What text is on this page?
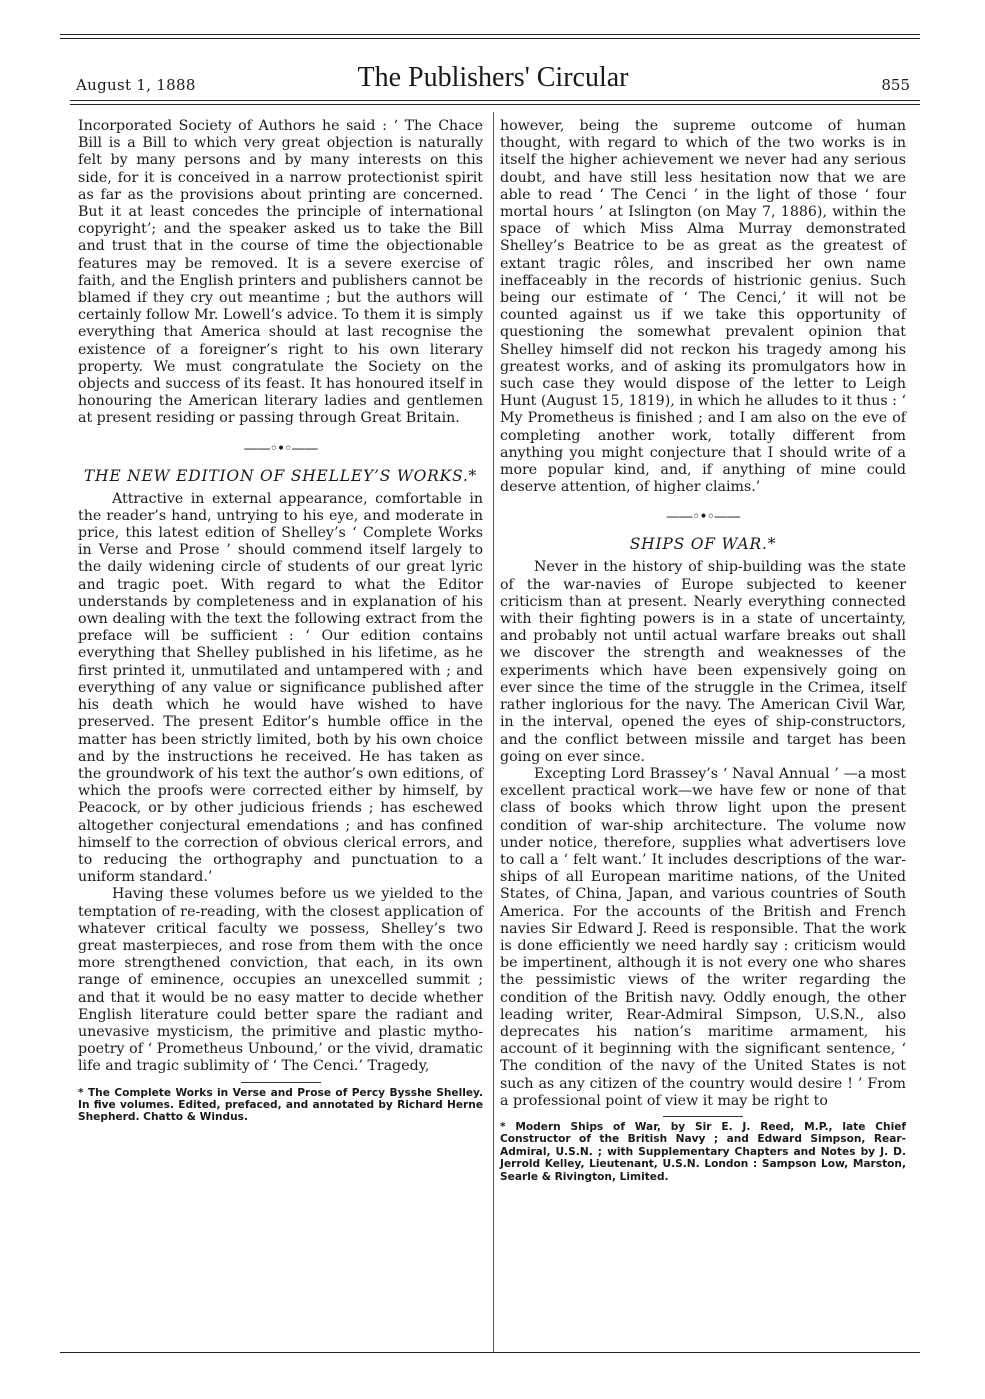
August 1, 1888	The Publishers' Circular	855

Incorporated Society of Authors he said : ‘ The Chace Bill is a Bill to which very great objection is naturally felt by many persons and by many interests on this side, for it is conceived in a narrow protectionist spirit as far as the provisions about printing are concerned. But it at least concedes the principle of international copyright’; and the speaker asked us to take the Bill and trust that in the course of time the objectionable features may be removed. It is a severe exercise of faith, and the English printers and publishers cannot be blamed if they cry out meantime ; but the authors will certainly follow Mr. Lowell’s advice. To them it is simply everything that America should at last recognise the existence of a foreigner’s right to his own literary property. We must congratulate the Society on the objects and success of its feast. It has honoured itself in honouring the American literary ladies and gentlemen at present residing or passing through Great Britain.

——◦•◦——
THE NEW EDITION OF SHELLEY’S WORKS.*

Attractive in external appearance, comfortable in the reader’s hand, untrying to his eye, and moderate in price, this latest edition of Shelley’s ‘ Complete Works in Verse and Prose ’ should commend itself largely to the daily widening circle of students of our great lyric and tragic poet. With regard to what the Editor understands by completeness and in explanation of his own dealing with the text the following extract from the preface will be sufficient : ‘ Our edition contains everything that Shelley published in his lifetime, as he first printed it, unmutilated and untampered with ; and everything of any value or significance published after his death which he would have wished to have preserved. The present Editor’s humble office in the matter has been strictly limited, both by his own choice and by the instructions he received. He has taken as the groundwork of his text the author’s own editions, of which the proofs were corrected either by himself, by Peacock, or by other judicious friends ; has eschewed altogether conjectural emendations ; and has confined himself to the correction of obvious clerical errors, and to reducing the orthography and punctuation to a uniform standard.’

Having these volumes before us we yielded to the temptation of re-reading, with the closest application of whatever critical faculty we possess, Shelley’s two great masterpieces, and rose from them with the once more strengthened conviction, that each, in its own range of eminence, occupies an unexcelled summit ; and that it would be no easy matter to decide whether English literature could better spare the radiant and unevasive mysticism, the primitive and plastic mytho-poetry of ‘ Prometheus Unbound,’ or the vivid, dramatic life and tragic sublimity of ‘ The Cenci.’ Tragedy,

* The Complete Works in Verse and Prose of Percy Bysshe Shelley. In five volumes. Edited, prefaced, and annotated by Richard Herne Shepherd. Chatto & Windus.

however, being the supreme outcome of human thought, with regard to which of the two works is in itself the higher achievement we never had any serious doubt, and have still less hesitation now that we are able to read ‘ The Cenci ’ in the light of those ‘ four mortal hours ’ at Islington (on May 7, 1886), within the space of which Miss Alma Murray demonstrated Shelley’s Beatrice to be as great as the greatest of extant tragic rôles, and inscribed her own name ineffaceably in the records of histrionic genius. Such being our estimate of ‘ The Cenci,’ it will not be counted against us if we take this opportunity of questioning the somewhat prevalent opinion that Shelley himself did not reckon his tragedy among his greatest works, and of asking its promulgators how in such case they would dispose of the letter to Leigh Hunt (August 15, 1819), in which he alludes to it thus : ‘ My Prometheus is finished ; and I am also on the eve of completing another work, totally different from anything you might conjecture that I should write of a more popular kind, and, if anything of mine could deserve attention, of higher claims.’

——◦•◦——
SHIPS OF WAR.*

Never in the history of ship-building was the state of the war-navies of Europe subjected to keener criticism than at present. Nearly everything connected with their fighting powers is in a state of uncertainty, and probably not until actual warfare breaks out shall we discover the strength and weaknesses of the experiments which have been expensively going on ever since the time of the struggle in the Crimea, itself rather inglorious for the navy. The American Civil War, in the interval, opened the eyes of ship-constructors, and the conflict between missile and target has been going on ever since.

Excepting Lord Brassey’s ‘ Naval Annual ’ —a most excellent practical work—we have few or none of that class of books which throw light upon the present condition of war-ship architecture. The volume now under notice, therefore, supplies what advertisers love to call a ‘ felt want.’ It includes descriptions of the war-ships of all European maritime nations, of the United States, of China, Japan, and various countries of South America. For the accounts of the British and French navies Sir Edward J. Reed is responsible. That the work is done efficiently we need hardly say : criticism would be impertinent, although it is not every one who shares the pessimistic views of the writer regarding the condition of the British navy. Oddly enough, the other leading writer, Rear-Admiral Simpson, U.S.N., also deprecates his nation’s maritime armament, his account of it beginning with the significant sentence, ‘ The condition of the navy of the United States is not such as any citizen of the country would desire ! ’ From a professional point of view it may be right to

* Modern Ships of War, by Sir E. J. Reed, M.P., late Chief Constructor of the British Navy ; and Edward Simpson, Rear-Admiral, U.S.N. ; with Supplementary Chapters and Notes by J. D. Jerrold Kelley, Lieutenant, U.S.N. London : Sampson Low, Marston, Searle & Rivington, Limited.
